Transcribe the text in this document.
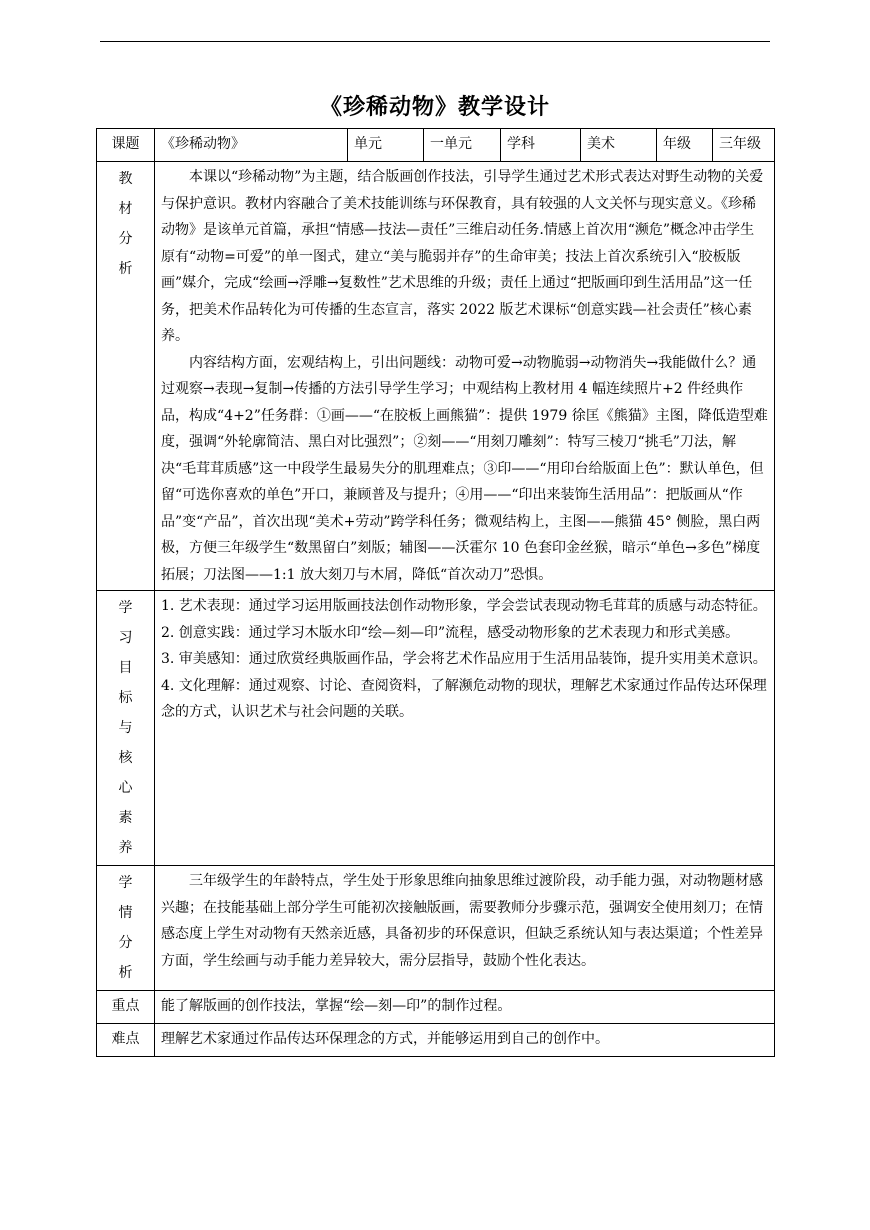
《珍稀动物》教学设计
课题	《珍稀动物》	单元	一单元	学科	美术	年级	三年级
教材分析	本课以“珍稀动物”为主题，结合版画创作技法，引导学生通过艺术形式表达对野生动物的关爱与保护意识。教材内容融合了美术技能训练与环保教育，具有较强的人文关怀与现实意义。《珍稀动物》是该单元首篇，承担“情感—技法—责任”三维启动任务.情感上首次用“濒危”概念冲击学生原有“动物=可爱”的单一图式，建立“美与脆弱并存”的生命审美；技法上首次系统引入“胶板版画”媒介，完成“绘画→浮雕→复数性”艺术思维的升级；责任上通过“把版画印到生活用品”这一任务，把美术作品转化为可传播的生态宣言，落实 2022 版艺术课标“创意实践—社会责任”核心素养。

内容结构方面，宏观结构上，引出问题线：动物可爱→动物脆弱→动物消失→我能做什么？通过观察→表现→复制→传播的方法引导学生学习；中观结构上教材用 4 幅连续照片+2 件经典作品，构成“4+2”任务群：①画——“在胶板上画熊猫”：提供 1979 徐匡《熊猫》主图，降低造型难度，强调“外轮廓简洁、黑白对比强烈”；②刻——“用刻刀雕刻”：特写三棱刀“挑毛”刀法，解决“毛茸茸质感”这一中段学生最易失分的肌理难点；③印——“用印台给版面上色”：默认单色，但留“可选你喜欢的单色”开口，兼顾普及与提升；④用——“印出来装饰生活用品”：把版画从“作品”变“产品”，首次出现“美术+劳动”跨学科任务；微观结构上，主图——熊猫 45° 侧脸，黑白两极，方便三年级学生“数黑留白”刻版；辅图——沃霍尔 10 色套印金丝猴，暗示“单色→多色”梯度拓展；刀法图——1:1 放大刻刀与木屑，降低“首次动刀”恐惧。						

学习目标与核心素养	1. 艺术表现：通过学习运用版画技法创作动物形象，学会尝试表现动物毛茸茸的质感与动态特征。

2. 创意实践：通过学习木版水印“绘—刻—印”流程，感受动物形象的艺术表现力和形式美感。

3. 审美感知：通过欣赏经典版画作品，学会将艺术作品应用于生活用品装饰，提升实用美术意识。

4. 文化理解：通过观察、讨论、查阅资料，了解濒危动物的现状，理解艺术家通过作品传达环保理念的方式，认识艺术与社会问题的关联。						

学情分析	三年级学生的年龄特点，学生处于形象思维向抽象思维过渡阶段，动手能力强，对动物题材感兴趣；在技能基础上部分学生可能初次接触版画，需要教师分步骤示范，强调安全使用刻刀；在情感态度上学生对动物有天然亲近感，具备初步的环保意识，但缺乏系统认知与表达渠道；个性差异方面，学生绘画与动手能力差异较大，需分层指导，鼓励个性化表达。						

重点	能了解版画的创作技法，掌握“绘—刻—印”的制作过程。						
难点	理解艺术家通过作品传达环保理念的方式，并能够运用到自己的创作中。						
